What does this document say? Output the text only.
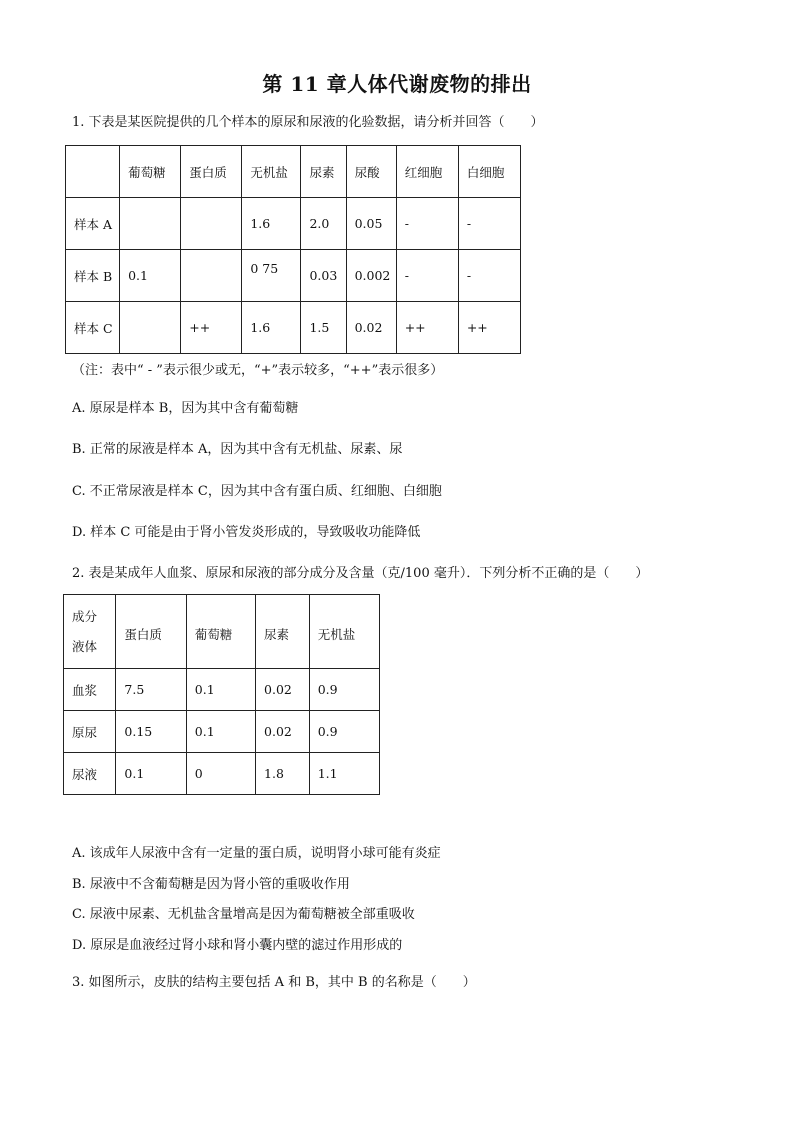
第 11 章人体代谢废物的排出
1. 下表是某医院提供的几个样本的原尿和尿液的化验数据，请分析并回答（　　）
	葡萄糖	蛋白质	无机盐	尿素	尿酸	红细胞	白细胞
样本 A			1.6	2.0	0.05	-	-
样本 B	0.1		0 75	0.03	0.002	-	-
样本 C		++	1.6	1.5	0.02	++	++
（注：表中“ - ”表示很少或无，“+”表示较多，“++”表示很多）
A. 原尿是样本 B，因为其中含有葡萄糖
B. 正常的尿液是样本 A，因为其中含有无机盐、尿素、尿
C. 不正常尿液是样本 C，因为其中含有蛋白质、红细胞、白细胞
D. 样本 C 可能是由于肾小管发炎形成的，导致吸收功能降低
2. 表是某成年人血浆、原尿和尿液的部分成分及含量（克/100 毫升）．下列分析不正确的是（　　）
成分
液体	蛋白质	葡萄糖	尿素	无机盐
血浆	7.5	0.1	0.02	0.9
原尿	0.15	0.1	0.02	0.9
尿液	0.1	0	1.8	1.1
A. 该成年人尿液中含有一定量的蛋白质，说明肾小球可能有炎症
B. 尿液中不含葡萄糖是因为肾小管的重吸收作用
C. 尿液中尿素、无机盐含量增高是因为葡萄糖被全部重吸收
D. 原尿是血液经过肾小球和肾小囊内壁的滤过作用形成的
3. 如图所示，皮肤的结构主要包括 A 和 B，其中 B 的名称是（　　）
